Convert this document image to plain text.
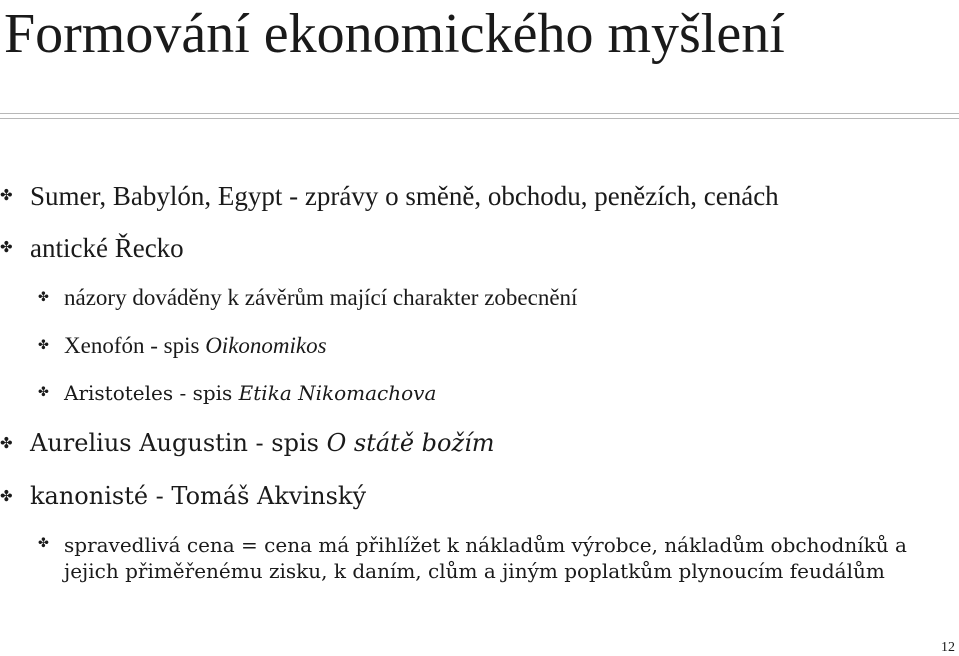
Formování ekonomického myšlení
✤ Sumer, Babylón, Egypt - zprávy o směně, obchodu, penězích, cenách
✤ antické Řecko
✤ názory dováděny k závěrům mající charakter zobecnění
✤ Xenofón - spis Oikonomikos
✤ Aristoteles - spis Etika Nikomachova
✤ Aurelius Augustin - spis O státě božím
✤ kanonisté - Tomáš Akvinský
✤ spravedlivá cena = cena má přihlížet k nákladům výrobce, nákladům obchodníků a jejich přiměřenému zisku, k daním, clům a jiným poplatkům plynoucím feudálům
12
